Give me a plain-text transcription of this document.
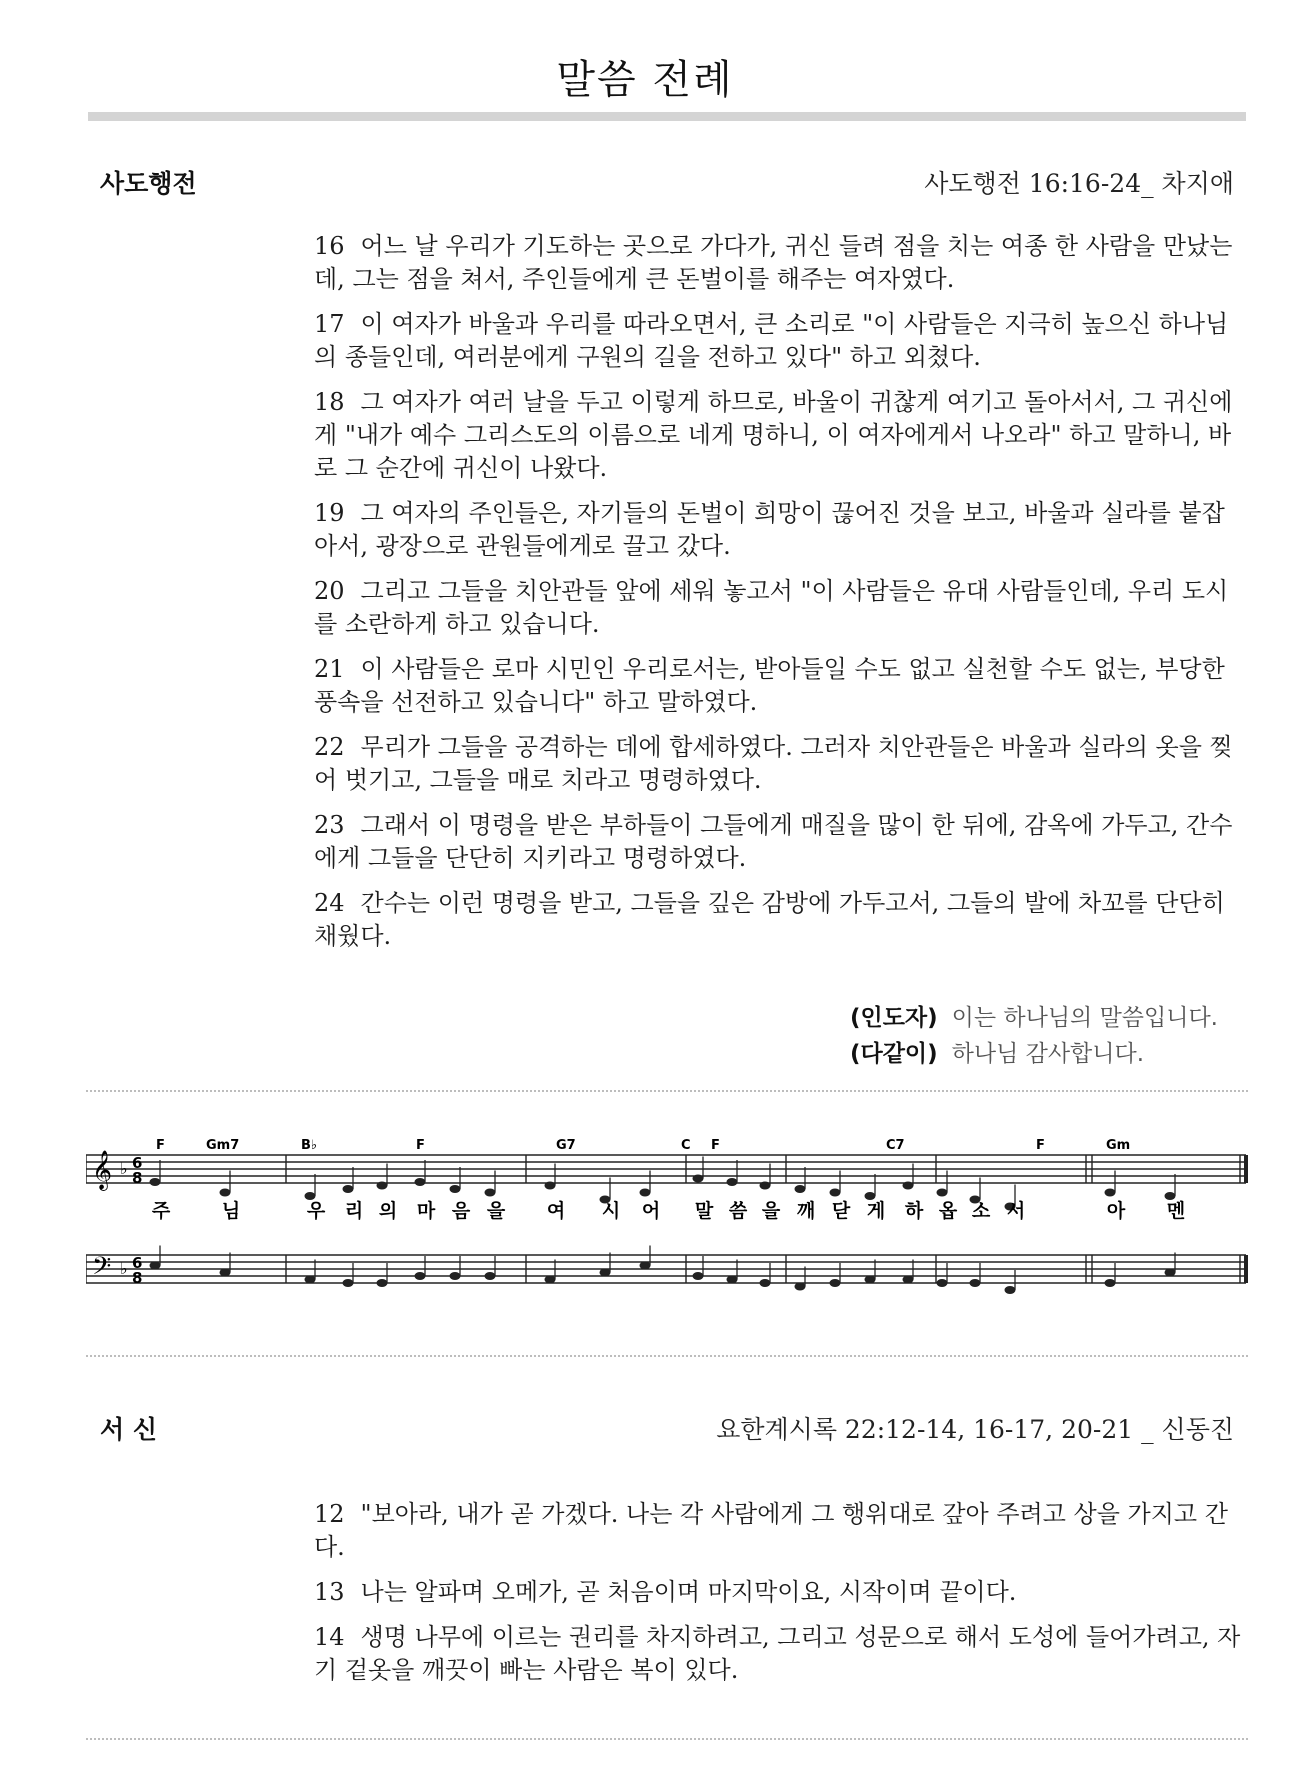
말씀 전례
사도행전	사도행전 16:16-24_ 차지애

16 어느 날 우리가 기도하는 곳으로 가다가, 귀신 들려 점을 치는 여종 한 사람을 만났는데, 그는 점을 쳐서, 주인들에게 큰 돈벌이를 해주는 여자였다.

17 이 여자가 바울과 우리를 따라오면서, 큰 소리로 "이 사람들은 지극히 높으신 하나님의 종들인데, 여러분에게 구원의 길을 전하고 있다" 하고 외쳤다.

18 그 여자가 여러 날을 두고 이렇게 하므로, 바울이 귀찮게 여기고 돌아서서, 그 귀신에게 "내가 예수 그리스도의 이름으로 네게 명하니, 이 여자에게서 나오라" 하고 말하니, 바로 그 순간에 귀신이 나왔다.

19 그 여자의 주인들은, 자기들의 돈벌이 희망이 끊어진 것을 보고, 바울과 실라를 붙잡아서, 광장으로 관원들에게로 끌고 갔다.

20 그리고 그들을 치안관들 앞에 세워 놓고서 "이 사람들은 유대 사람들인데, 우리 도시를 소란하게 하고 있습니다.

21 이 사람들은 로마 시민인 우리로서는, 받아들일 수도 없고 실천할 수도 없는, 부당한 풍속을 선전하고 있습니다" 하고 말하였다.

22 무리가 그들을 공격하는 데에 합세하였다. 그러자 치안관들은 바울과 실라의 옷을 찢어 벗기고, 그들을 매로 치라고 명령하였다.

23 그래서 이 명령을 받은 부하들이 그들에게 매질을 많이 한 뒤에, 감옥에 가두고, 간수에게 그들을 단단히 지키라고 명령하였다.

24 간수는 이런 명령을 받고, 그들을 깊은 감방에 가두고서, 그들의 발에 차꼬를 단단히 채웠다.

(인도자) 이는 하나님의 말씀입니다.
(다같이) 하나님 감사합니다.
𝄞
𝄢
♭ 6
8
♭ 6
8
F	Gm7	B♭	F	G7	C F	C7	F	Gm
주	님	우 리 의 마 음 을 여 시 어 말 씀 을 깨 닫 게 하 옵 소 서	아 멘
서 신	요한계시록 22:12-14, 16-17, 20-21 _ 신동진

12 "보아라, 내가 곧 가겠다. 나는 각 사람에게 그 행위대로 갚아 주려고 상을 가지고 간다.

13 나는 알파며 오메가, 곧 처음이며 마지막이요, 시작이며 끝이다.

14 생명 나무에 이르는 권리를 차지하려고, 그리고 성문으로 해서 도성에 들어가려고, 자기 겉옷을 깨끗이 빠는 사람은 복이 있다.
